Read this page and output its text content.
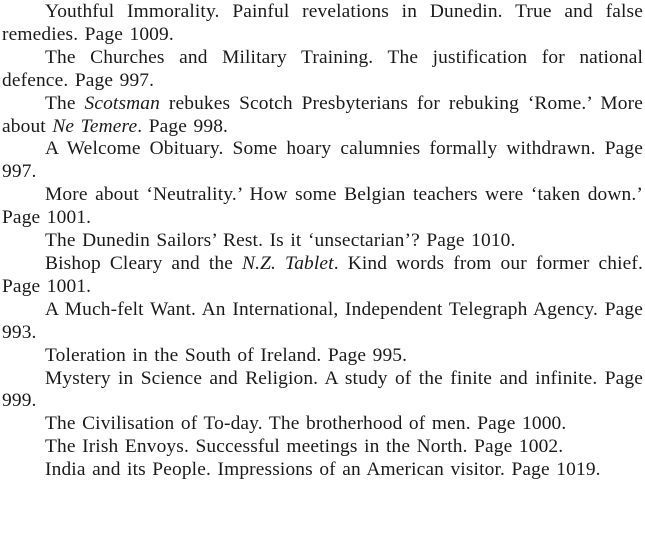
Youthful Immorality. Painful revelations in Dunedin. True and false remedies. Page 1009.

The Churches and Military Training. The justification for national defence. Page 997.

The Scotsman rebukes Scotch Presbyterians for rebuking ‘Rome.’ More about Ne Temere. Page 998.

A Welcome Obituary. Some hoary calumnies formally withdrawn. Page 997.

More about ‘Neutrality.’ How some Belgian teachers were ‘taken down.’ Page 1001.

The Dunedin Sailors’ Rest. Is it ‘unsectarian’? Page 1010.

Bishop Cleary and the N.Z. Tablet. Kind words from our former chief. Page 1001.

A Much-felt Want. An International, Independent Telegraph Agency. Page 993.

Toleration in the South of Ireland. Page 995.

Mystery in Science and Religion. A study of the finite and infinite. Page 999.

The Civilisation of To-day. The brotherhood of men. Page 1000.

The Irish Envoys. Successful meetings in the North. Page 1002.

India and its People. Impressions of an American visitor. Page 1019.
